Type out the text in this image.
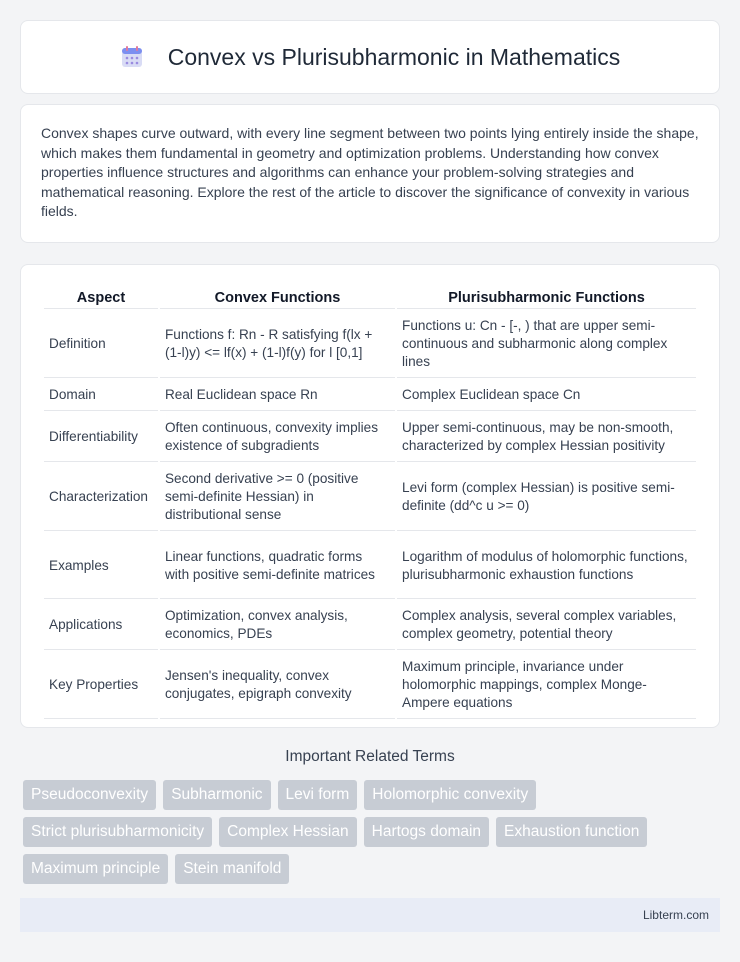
Convex vs Plurisubharmonic in Mathematics

Convex shapes curve outward, with every line segment between two points lying entirely inside the shape, which makes them fundamental in geometry and optimization problems. Understanding how convex properties influence structures and algorithms can enhance your problem-solving strategies and mathematical reasoning. Explore the rest of the article to discover the significance of convexity in various fields.

Aspect	Convex Functions	Plurisubharmonic Functions
Definition	Functions f: Rn - R satisfying f(lx + (1-l)y) <= lf(x) + (1-l)f(y) for l [0,1]	Functions u: Cn - [-, ) that are upper semi-continuous and subharmonic along complex lines
Domain	Real Euclidean space Rn	Complex Euclidean space Cn
Differentiability	Often continuous, convexity implies existence of subgradients	Upper semi-continuous, may be non-smooth, characterized by complex Hessian positivity
Characterization	Second derivative >= 0 (positive semi-definite Hessian) in distributional sense	Levi form (complex Hessian) is positive semi-definite (dd^c u >= 0)
Examples	Linear functions, quadratic forms with positive semi-definite matrices	Logarithm of modulus of holomorphic functions, plurisubharmonic exhaustion functions
Applications	Optimization, convex analysis, economics, PDEs	Complex analysis, several complex variables, complex geometry, potential theory
Key Properties	Jensen's inequality, convex conjugates, epigraph convexity	Maximum principle, invariance under holomorphic mappings, complex Monge-Ampere equations
Important Related Terms
Pseudoconvexity	Subharmonic	Levi form	Holomorphic convexity
Strict plurisubharmonicity	Complex Hessian	Hartogs domain	Exhaustion function
Maximum principle	Stein manifold
Libterm.com
